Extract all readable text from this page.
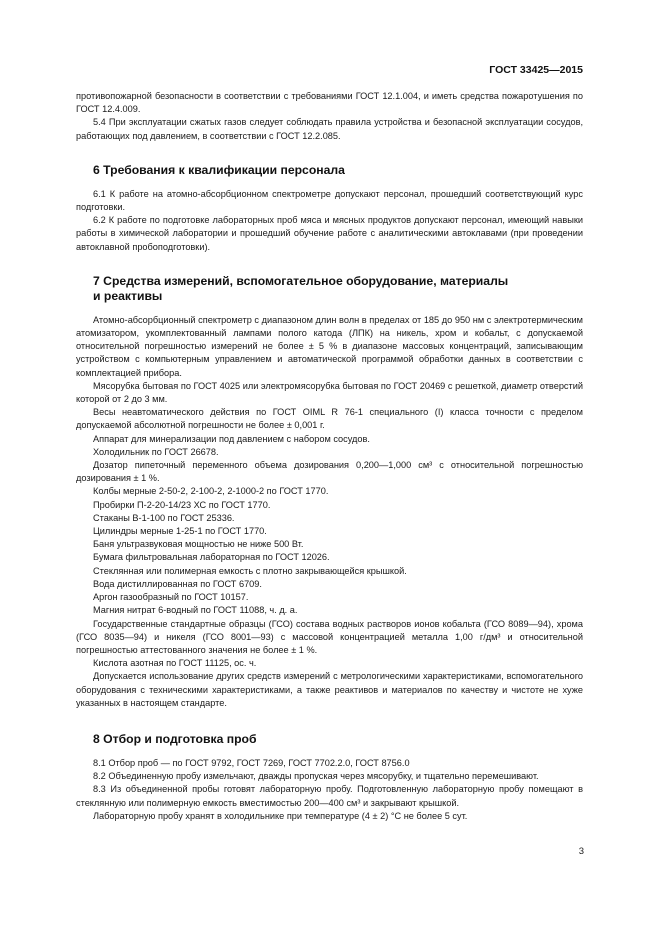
ГОСТ 33425—2015

противопожарной безопасности в соответствии с требованиями ГОСТ 12.1.004, и иметь средства пожаротушения по ГОСТ 12.4.009.

5.4 При эксплуатации сжатых газов следует соблюдать правила устройства и безопасной эксплуатации сосудов, работающих под давлением, в соответствии с ГОСТ 12.2.085.

6 Требования к квалификации персонала

6.1 К работе на атомно-абсорбционном спектрометре допускают персонал, прошедший соответствующий курс подготовки.

6.2 К работе по подготовке лабораторных проб мяса и мясных продуктов допускают персонал, имеющий навыки работы в химической лаборатории и прошедший обучение работе с аналитическими автоклавами (при проведении автоклавной пробоподготовки).

7 Средства измерений, вспомогательное оборудование, материалы
и реактивы

Атомно-абсорбционный спектрометр с диапазоном длин волн в пределах от 185 до 950 нм с электротермическим атомизатором, укомплектованный лампами полого катода (ЛПК) на никель, хром и кобальт, с допускаемой относительной погрешностью измерений не более ± 5 % в диапазоне массовых концентраций, записывающим устройством с компьютерным управлением и автоматической программой обработки данных в соответствии с комплектацией прибора.

Мясорубка бытовая по ГОСТ 4025 или электромясорубка бытовая по ГОСТ 20469 с решеткой, диаметр отверстий которой от 2 до 3 мм.

Весы неавтоматического действия по ГОСТ OIML R 76-1 специального (I) класса точности с пределом допускаемой абсолютной погрешности не более ± 0,001 г.

Аппарат для минерализации под давлением с набором сосудов.

Холодильник по ГОСТ 26678.

Дозатор пипеточный переменного объема дозирования 0,200—1,000 см³ с относительной погрешностью дозирования ± 1 %.

Колбы мерные 2-50-2, 2-100-2, 2-1000-2 по ГОСТ 1770.

Пробирки П-2-20-14/23 ХС по ГОСТ 1770.

Стаканы В-1-100 по ГОСТ 25336.

Цилиндры мерные 1-25-1 по ГОСТ 1770.

Баня ультразвуковая мощностью не ниже 500 Вт.

Бумага фильтровальная лабораторная по ГОСТ 12026.

Стеклянная или полимерная емкость с плотно закрывающейся крышкой.

Вода дистиллированная по ГОСТ 6709.

Аргон газообразный по ГОСТ 10157.

Магния нитрат 6-водный по ГОСТ 11088, ч. д. а.

Государственные стандартные образцы (ГСО) состава водных растворов ионов кобальта (ГСО 8089—94), хрома (ГСО 8035—94) и никеля (ГСО 8001—93) с массовой концентрацией металла 1,00 г/дм³ и относительной погрешностью аттестованного значения не более ± 1 %.

Кислота азотная по ГОСТ 11125, ос. ч.

Допускается использование других средств измерений с метрологическими характеристиками, вспомогательного оборудования с техническими характеристиками, а также реактивов и материалов по качеству и чистоте не хуже указанных в настоящем стандарте.

8 Отбор и подготовка проб

8.1 Отбор проб — по ГОСТ 9792, ГОСТ 7269, ГОСТ 7702.2.0, ГОСТ 8756.0

8.2 Объединенную пробу измельчают, дважды пропуская через мясорубку, и тщательно перемешивают.

8.3 Из объединенной пробы готовят лабораторную пробу. Подготовленную лабораторную пробу помещают в стеклянную или полимерную емкость вместимостью 200—400 см³ и закрывают крышкой.

Лабораторную пробу хранят в холодильнике при температуре (4 ± 2) °С не более 5 сут.

3
